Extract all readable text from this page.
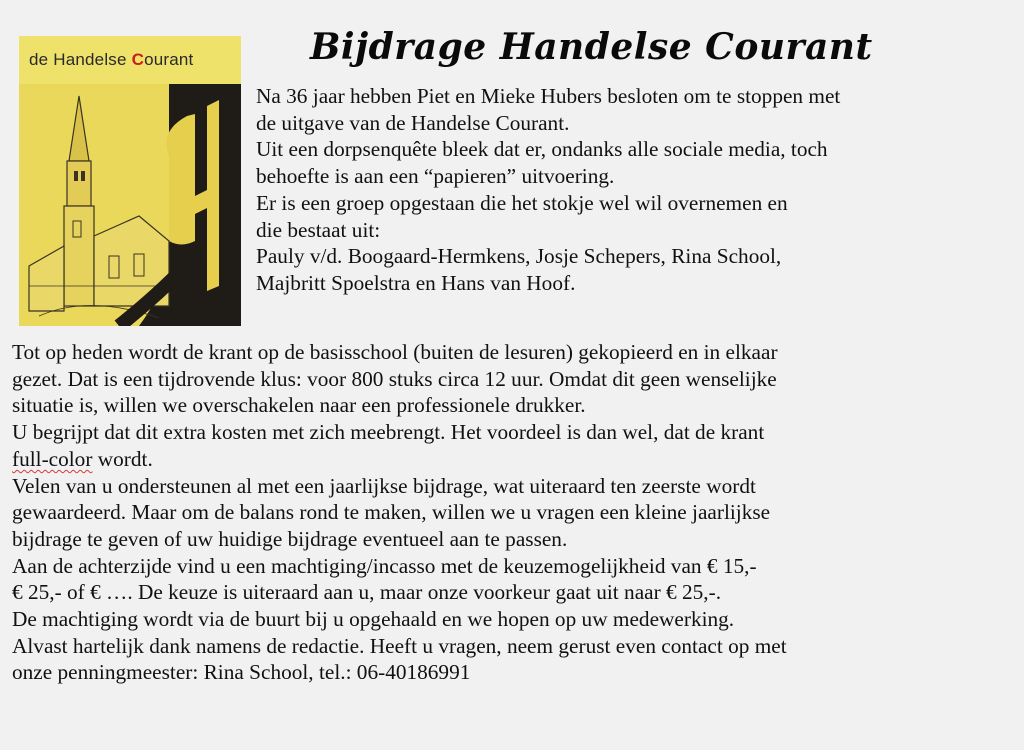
de Handelse Courant	Bijdrage Handelse Courant
Na 36 jaar hebben Piet en Mieke Hubers besloten om te stoppen met
de uitgave van de Handelse Courant.
Uit een dorpsenquête bleek dat er, ondanks alle sociale media, toch
behoefte is aan een “papieren” uitvoering.
Er is een groep opgestaan die het stokje wel wil overnemen en
die bestaat uit:
Pauly v/d. Boogaard-Hermkens, Josje Schepers, Rina School,
Majbritt Spoelstra en Hans van Hoof.
Tot op heden wordt de krant op de basisschool (buiten de lesuren) gekopieerd en in elkaar
gezet. Dat is een tijdrovende klus: voor 800 stuks circa 12 uur. Omdat dit geen wenselijke
situatie is, willen we overschakelen naar een professionele drukker.
U begrijpt dat dit extra kosten met zich meebrengt. Het voordeel is dan wel, dat de krant
full-color wordt.
Velen van u ondersteunen al met een jaarlijkse bijdrage, wat uiteraard ten zeerste wordt
gewaardeerd. Maar om de balans rond te maken, willen we u vragen een kleine jaarlijkse
bijdrage te geven of uw huidige bijdrage eventueel aan te passen.
Aan de achterzijde vind u een machtiging/incasso met de keuzemogelijkheid van € 15,-
€ 25,- of € …. De keuze is uiteraard aan u, maar onze voorkeur gaat uit naar € 25,-.
De machtiging wordt via de buurt bij u opgehaald en we hopen op uw medewerking.
Alvast hartelijk dank namens de redactie. Heeft u vragen, neem gerust even contact op met
onze penningmeester: Rina School, tel.: 06-40186991
